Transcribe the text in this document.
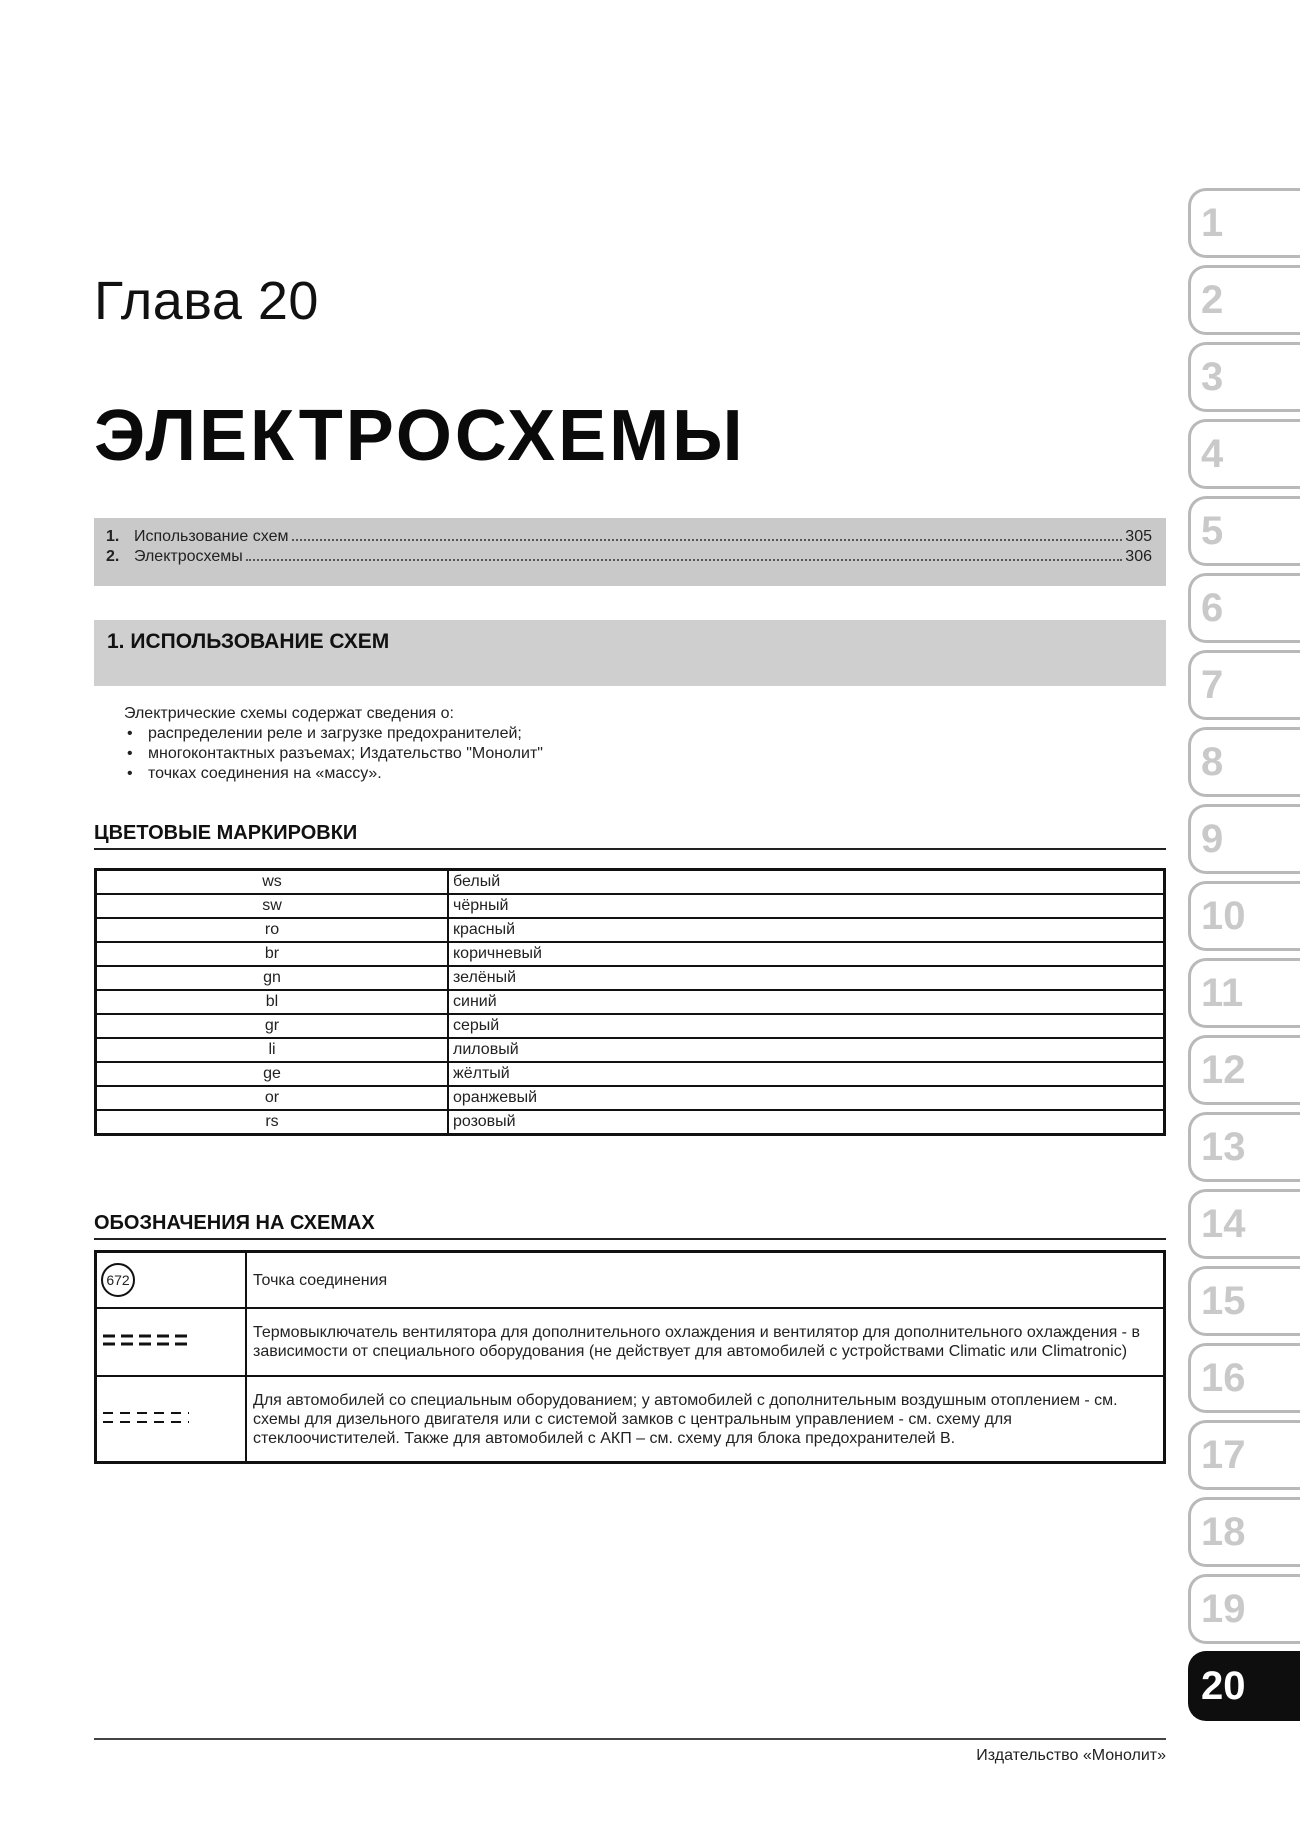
Глава 20
ЭЛЕКТРОСХЕМЫ
1. Использование схем	305
2. Электросхемы	306
1. ИСПОЛЬЗОВАНИЕ СХЕМ
Электрические схемы содержат сведения о:
• распределении реле и загрузке предохранителей;
• многоконтактных разъемах; Издательство "Монолит"
• точках соединения на «массу».
ЦВЕТОВЫЕ МАРКИРОВКИ
ws	белый
sw	чёрный
ro	красный
br	коричневый
gn	зелёный
bl	синий
gr	серый
li	лиловый
ge	жёлтый
or	оранжевый
rs	розовый
ОБОЗНАЧЕНИЯ НА СХЕМАХ
672	Точка соединения
	Термовыключатель вентилятора для дополнительного охлаждения и вентилятор для дополнительного охлаждения - в зависимости от специального оборудования (не действует для автомобилей с устройствами Climatic или Climatronic)
	Для автомобилей со специальным оборудованием; у автомобилей с дополнительным воздушным отоплением - см. схемы для дизельного двигателя или с системой замков с центральным управлением - см. схему для стеклоочистителей. Также для автомобилей с АКП – см. схему для блока предохранителей В.
Издательство «Монолит»
1
2
3
4
5
6
7
8
9
10
11
12
13
14
15
16
17
18
19
20
